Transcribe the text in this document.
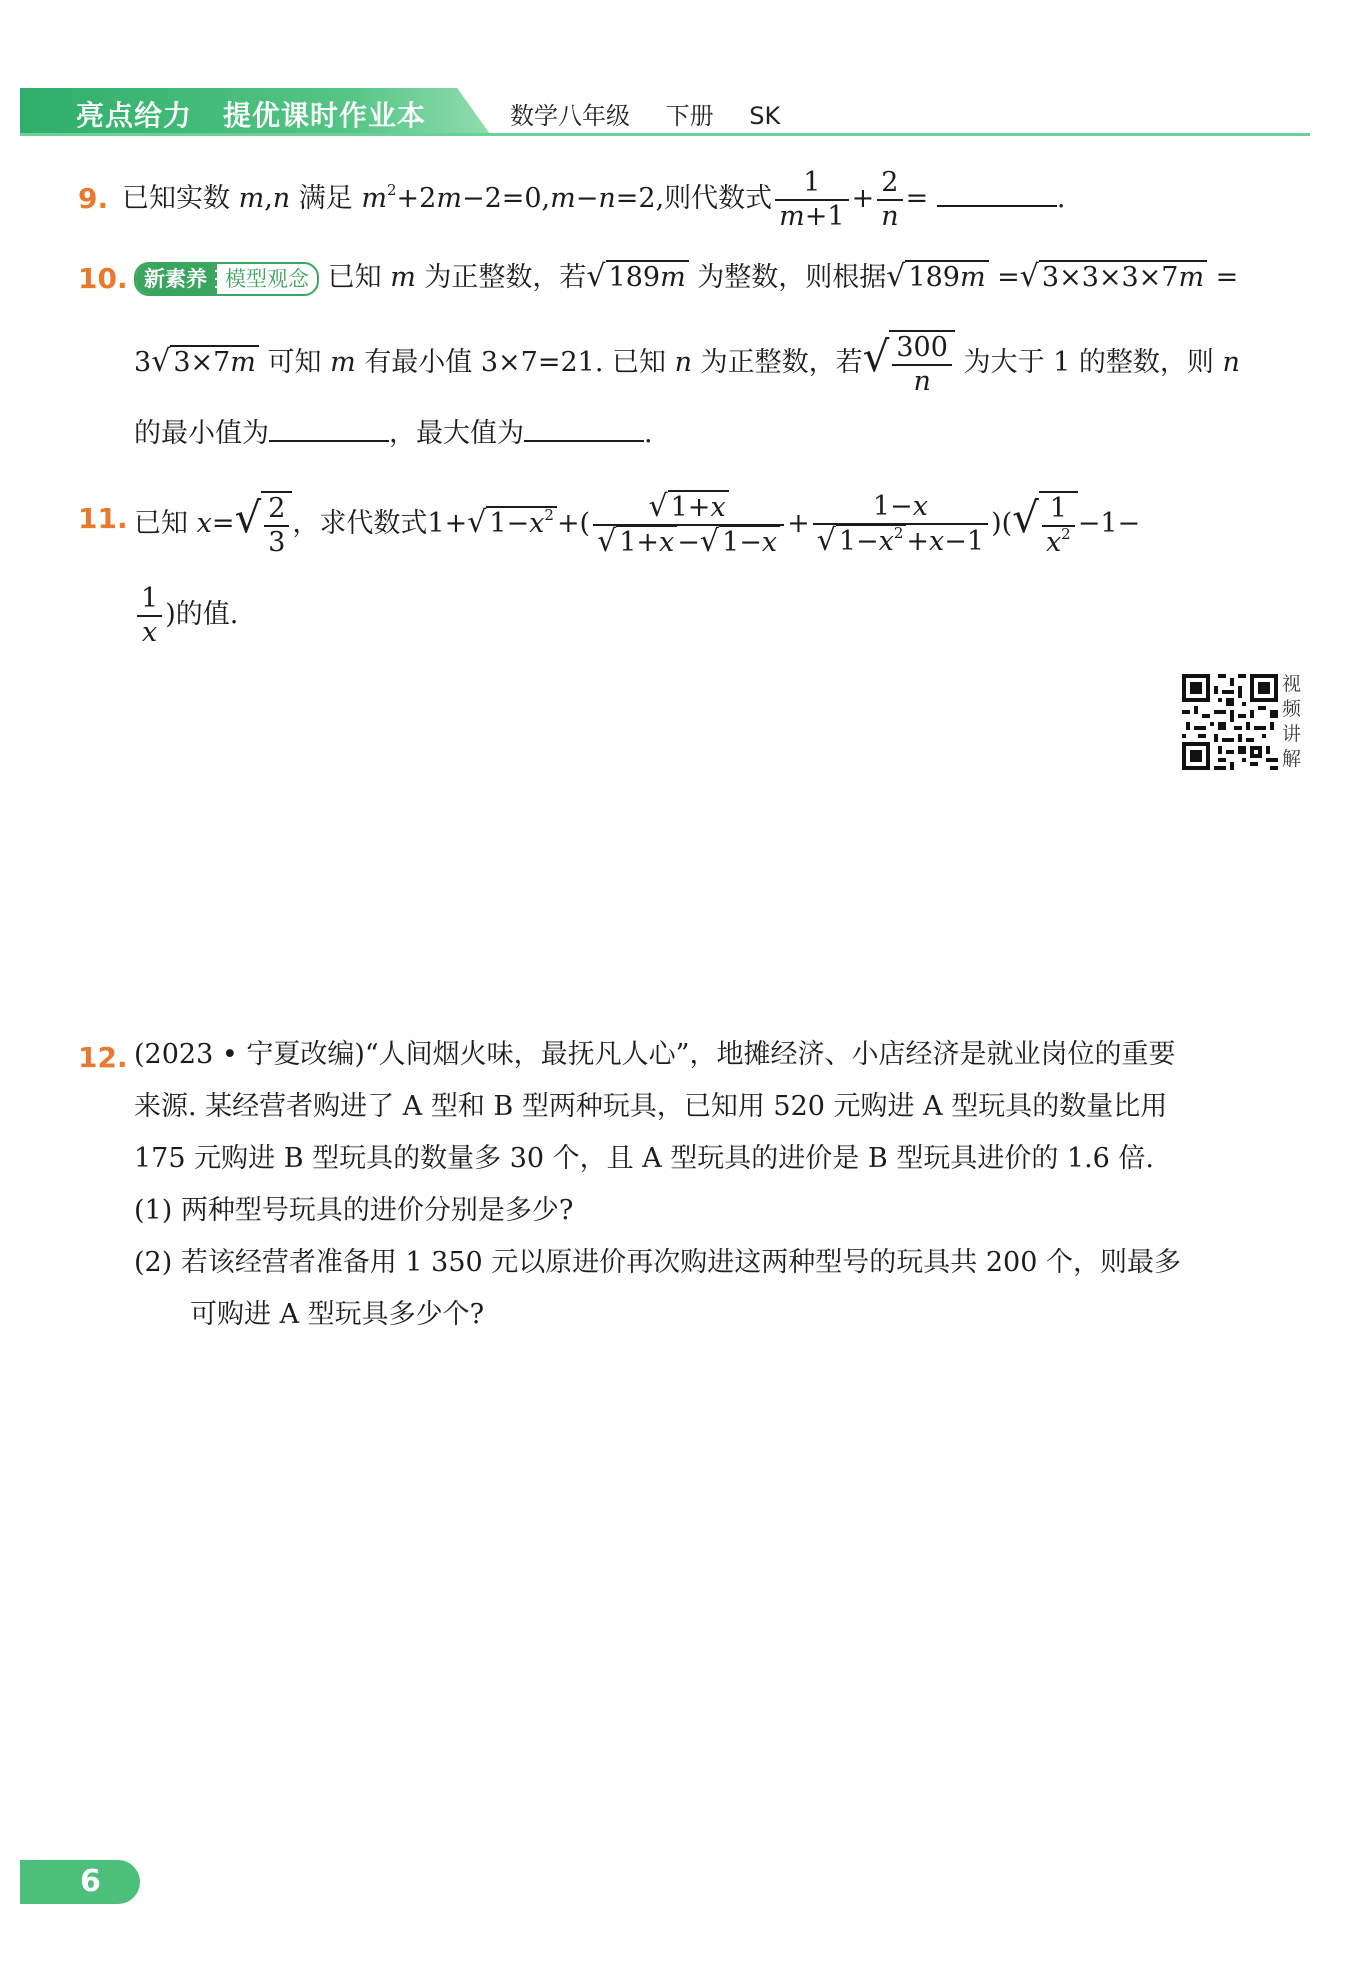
亮点给力 提优课时作业本	数学八年级 下册 SK
9. 已知实数 m,n 满足 $m^2+2m-2=0,m-n=2$,则代数式 $\frac{1}{m+1} + \frac{2}{n}$ =	.
10. 新素养 模型观念 已知 m 为正整数，若√ 189m 为整数，则根据√ 189m =√ 3×3×3×7m =
3√ 3×7m 可知 m 有最小值 3×7=21. 已知 n 为正整数，若√ $\frac{300}{n}$ 为大于 1 的整数，则 n
的最小值为	，最大值为	.
11. 已知 $x=√ \frac{2}{3}$ ，求代数式1+√ $1-x^2$ +( $\frac{√ 1+x}{√ 1+x -√ 1-x} + \frac{1-x}{√ 1-x^2 +x-1}$ )(√ $\frac{1}{x^2} -1-$
$\frac{1}{x}$ )的值.
视
频
讲
解
12. (2023 • 宁夏改编)“人间烟火味，最抚凡人心”，地摊经济、小店经济是就业岗位的重要
来源. 某经营者购进了 A 型和 B 型两种玩具，已知用 520 元购进 A 型玩具的数量比用
175 元购进 B 型玩具的数量多 30 个，且 A 型玩具的进价是 B 型玩具进价的 1.6 倍.
(1) 两种型号玩具的进价分别是多少?
(2) 若该经营者准备用 1 350 元以原进价再次购进这两种型号的玩具共 200 个，则最多
可购进 A 型玩具多少个?
6
